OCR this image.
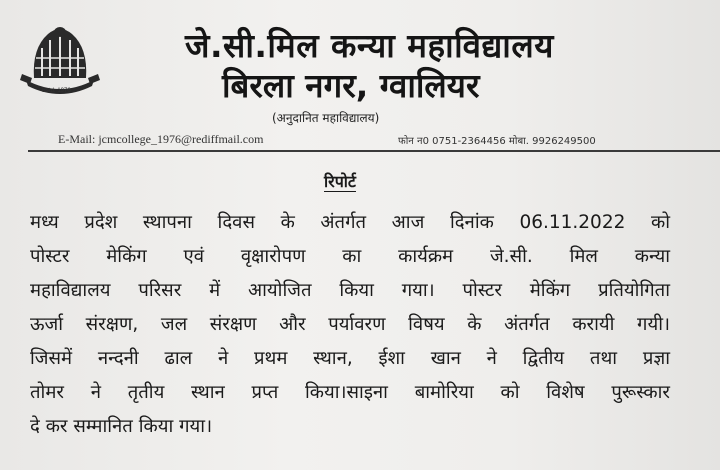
Estd. 1976
जे.सी.मिल कन्या महाविद्यालय
बिरला नगर, ग्वालियर
(अनुदानित महाविद्यालय)
E-Mail: jcmcollege_1976@rediffmail.com	फोन न0 0751-2364456 मोबा. 9926249500
रिपोर्ट
मध्य प्रदेश स्थापना दिवस के अंतर्गत आज दिनांक 06.11.2022 को
पोस्टर मेकिंग एवं वृक्षारोपण का कार्यक्रम जे.सी. मिल कन्या
महाविद्यालय परिसर में आयोजित किया गया। पोस्टर मेकिंग प्रतियोगिता
ऊर्जा संरक्षण, जल संरक्षण और पर्यावरण विषय के अंतर्गत करायी गयी।
जिसमें नन्दनी ढाल ने प्रथम स्थान, ईशा खान ने द्वितीय तथा प्रज्ञा
तोमर ने तृतीय स्थान प्रप्त किया।साइना बामोरिया को विशेष पुरूस्कार
दे कर सम्मानित किया गया।
